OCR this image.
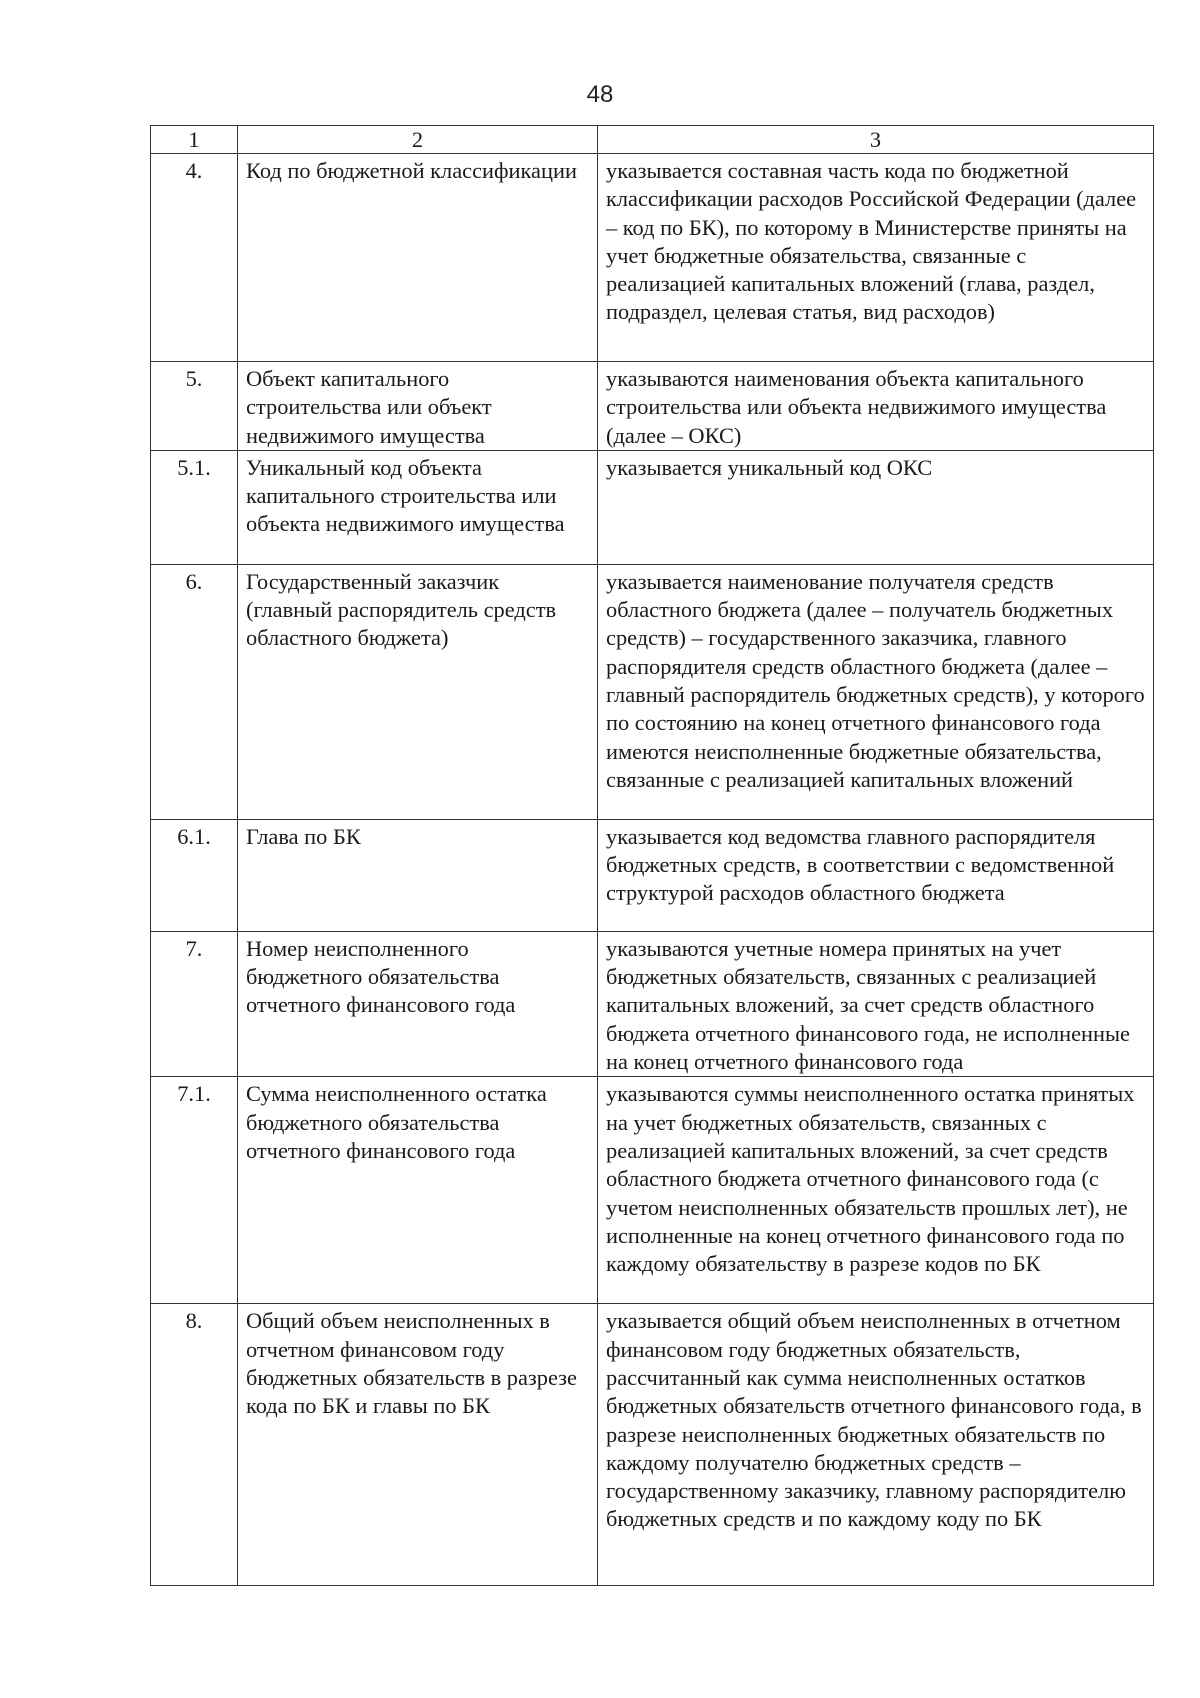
48
1	2	3
4.	Код по бюджетной классификации	указывается составная часть кода по бюджетной классификации расходов Российской Федерации (далее – код по БК), по которому в Министерстве приняты на учет бюджетные обязательства, связанные с реализацией капитальных вложений (глава, раздел, подраздел, целевая статья, вид расходов)
5.	Объект капитального строительства или объект недвижимого имущества	указываются наименования объекта капитального строительства или объекта недвижимого имущества (далее – ОКС)
5.1.	Уникальный код объекта капитального строительства или объекта недвижимого имущества	указывается уникальный код ОКС
6.	Государственный заказчик (главный распорядитель средств областного бюджета)	указывается наименование получателя средств областного бюджета (далее – получатель бюджетных средств) – государственного заказчика, главного распорядителя средств областного бюджета (далее – главный распорядитель бюджетных средств), у которого по состоянию на конец отчетного финансового года имеются неисполненные бюджетные обязательства, связанные с реализацией капитальных вложений
6.1.	Глава по БК	указывается код ведомства главного распорядителя бюджетных средств, в соответствии с ведомственной структурой расходов областного бюджета
7.	Номер неисполненного бюджетного обязательства отчетного финансового года	указываются учетные номера принятых на учет бюджетных обязательств, связанных с реализацией капитальных вложений, за счет средств областного бюджета отчетного финансового года, не исполненные на конец отчетного финансового года
7.1.	Сумма неисполненного остатка бюджетного обязательства отчетного финансового года	указываются суммы неисполненного остатка принятых на учет бюджетных обязательств, связанных с реализацией капитальных вложений, за счет средств областного бюджета отчетного финансового года (с учетом неисполненных обязательств прошлых лет), не исполненные на конец отчетного финансового года по каждому обязательству в разрезе кодов по БК
8.	Общий объем неисполненных в отчетном финансовом году бюджетных обязательств в разрезе кода по БК и главы по БК	указывается общий объем неисполненных в отчетном финансовом году бюджетных обязательств, рассчитанный как сумма неисполненных остатков бюджетных обязательств отчетного финансового года, в разрезе неисполненных бюджетных обязательств по каждому получателю бюджетных средств – государственному заказчику, главному распорядителю бюджетных средств и по каждому коду по БК
